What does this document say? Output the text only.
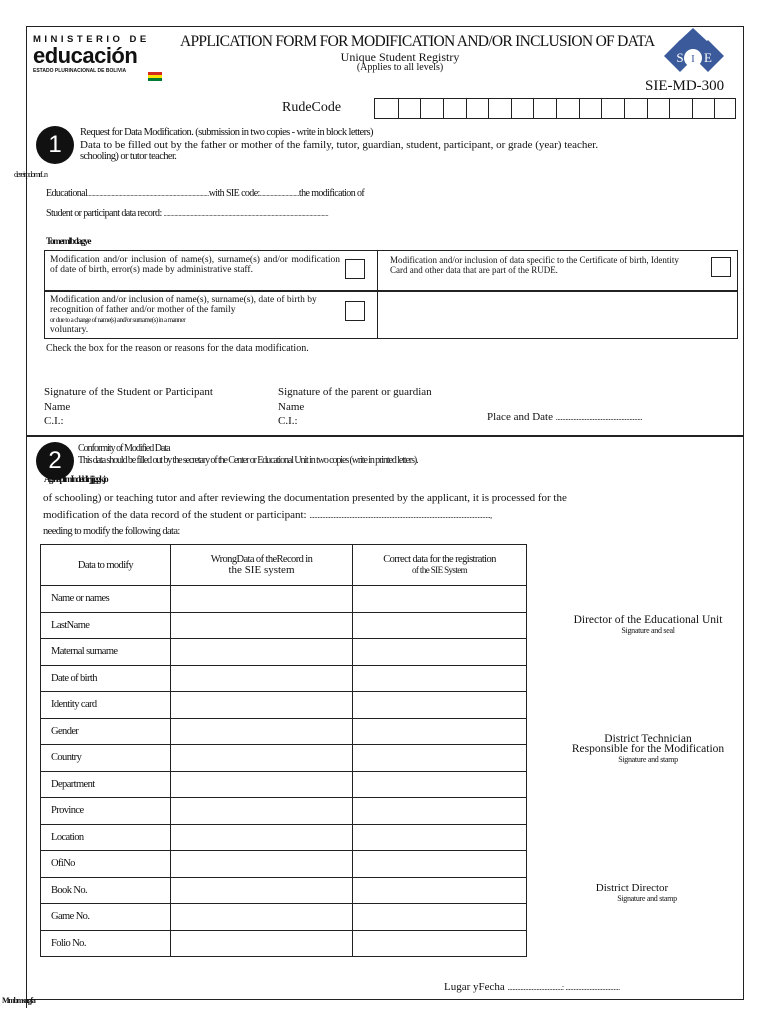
MINISTERIO DE
educación
ESTADO PLURINACIONAL DE BOLIVIA
APPLICATION FORM FOR MODIFICATION AND/OR INCLUSION OF DATA
Unique Student Registry
(Applies to all levels)
S I E
SIE-MD-300
RudeCode
1	Request for Data Modification. (submission in two copies - write in block letters)
Data to be filled out by the father or mother of the family, tutor, guardian, student, participant, or grade (year) teacher.
schooling) or tutor teacher.
dereirpdomrLn
Educational..........................................................................................with SIE code:.............................the modification of
Student or participant data record: ..........................................................................................................................
Tomemlbdagye
Modification and/or inclusion of name(s), surname(s) and/or modification of date of birth, error(s) made by administrative staff.
Modification and/or inclusion of data specific to the Certificate of birth, Identity Card and other data that are part of the RUDE.
Modification and/or inclusion of name(s), surname(s), date of birth by recognition of father and/or mother of the family
or due to a change of name(s) and/or surname(s) in a manner
voluntary.
Check the box for the reason or reasons for the data modification.
Signature of the Student or Participant
Name
C.I.:
Signature of the parent or guardian
Name
C.I.:	Place and Date ......................................................
2	Conformity of Modified Data
This data should be filled out by the secretary of the Center or Educational Unit in two copies (write in printed letters).
AgfhapilmIndeldirjjjggkjo
of schooling) or teaching tutor and after reviewing the documentation presented by the applicant, it is processed for the
modification of the data record of the student or participant: .................................................................................................................,
needing to modify the following data:
Data to modify	WrongData of theRecord in
the SIE system	Correct data for the registration
of the SIE System
Name or names		
LastName		
Maternal surname		
Date of birth		
Identity card		
Gender		
Country		
Department		
Province		
Location		
OfiNo		
Book No.		
Game No.		
Folio No.		
Director of the Educational Unit
Signature and seal
District Technician
Responsible for the Modification
Signature and stamp
District Director
Signature and stamp
Lugar yFecha ..................................: ..................................
Mmbmsn.gfa
